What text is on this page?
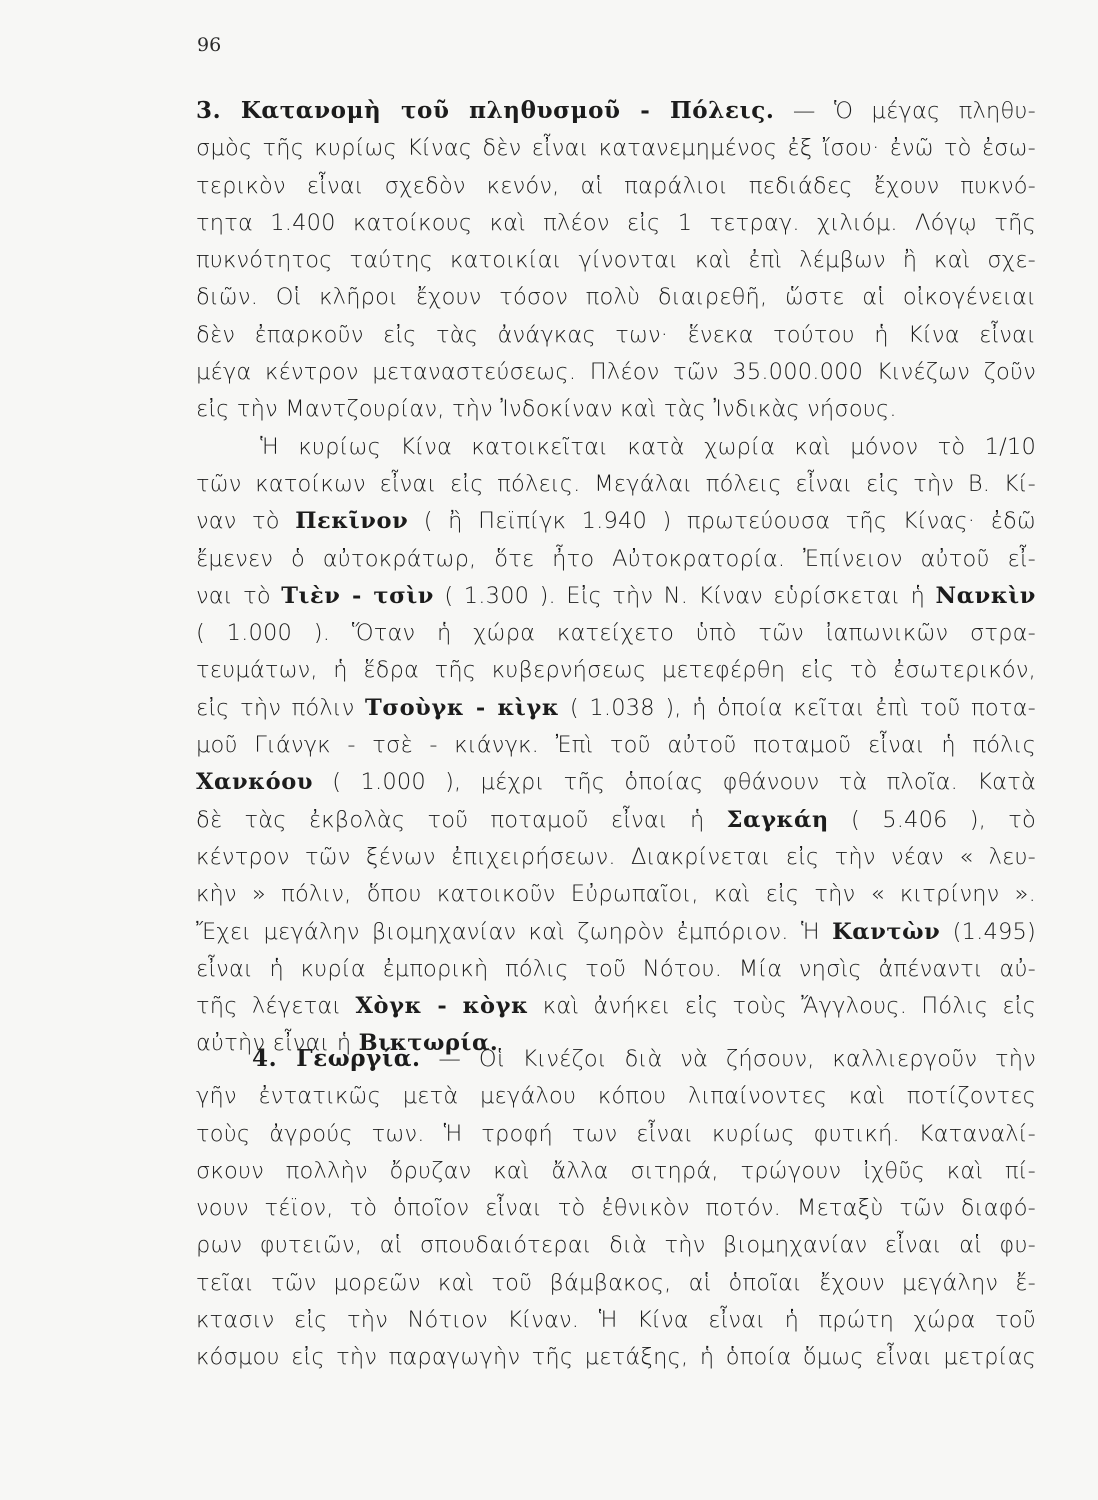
96
3. Κατανομὴ τοῦ πληθυσμοῦ - Πόλεις. — Ὁ μέγας πληθυ-
σμὸς τῆς κυρίως Κίνας δὲν εἶναι κατανεμημένος ἐξ ἴσου· ἐνῶ τὸ ἐσω-
τερικὸν εἶναι σχεδὸν κενόν, αἱ παράλιοι πεδιάδες ἔχουν πυκνό-
τητα 1.400 κατοίκους καὶ πλέον εἰς 1 τετραγ. χιλιόμ. Λόγῳ τῆς
πυκνότητος ταύτης κατοικίαι γίνονται καὶ ἐπὶ λέμβων ἢ καὶ σχε-
διῶν. Οἱ κλῆροι ἔχουν τόσον πολὺ διαιρεθῆ, ὥστε αἱ οἰκογένειαι
δὲν ἐπαρκοῦν εἰς τὰς ἀνάγκας των· ἕνεκα τούτου ἡ Κίνα εἶναι
μέγα κέντρον μεταναστεύσεως. Πλέον τῶν 35.000.000 Κινέζων ζοῦν
εἰς τὴν Μαντζουρίαν, τὴν Ἰνδοκίναν καὶ τὰς Ἰνδικὰς νήσους.
Ἡ κυρίως Κίνα κατοικεῖται κατὰ χωρία καὶ μόνον τὸ 1/10
τῶν κατοίκων εἶναι εἰς πόλεις. Μεγάλαι πόλεις εἶναι εἰς τὴν Β. Κί-
ναν τὸ Πεκῖνον ( ἢ Πεϊπίγκ 1.940 ) πρωτεύουσα τῆς Κίνας· ἐδῶ
ἔμενεν ὁ αὐτοκράτωρ, ὅτε ἦτο Αὐτοκρατορία. Ἐπίνειον αὐτοῦ εἶ-
ναι τὸ Τιὲν - τσὶν ( 1.300 ). Εἰς τὴν Ν. Κίναν εὑρίσκεται ἡ Νανκὶν
( 1.000 ). Ὅταν ἡ χώρα κατείχετο ὑπὸ τῶν ἰαπωνικῶν στρα-
τευμάτων, ἡ ἕδρα τῆς κυβερνήσεως μετεφέρθη εἰς τὸ ἐσωτερικόν,
εἰς τὴν πόλιν Τσοὺγκ - κὶγκ ( 1.038 ), ἡ ὁποία κεῖται ἐπὶ τοῦ ποτα-
μοῦ Γιάνγκ - τσὲ - κιάνγκ. Ἐπὶ τοῦ αὐτοῦ ποταμοῦ εἶναι ἡ πόλις
Χανκόου ( 1.000 ), μέχρι τῆς ὁποίας φθάνουν τὰ πλοῖα. Κατὰ
δὲ τὰς ἐκβολὰς τοῦ ποταμοῦ εἶναι ἡ Σαγκάη ( 5.406 ), τὸ
κέντρον τῶν ξένων ἐπιχειρήσεων. Διακρίνεται εἰς τὴν νέαν « λευ-
κὴν » πόλιν, ὅπου κατοικοῦν Εὐρωπαῖοι, καὶ εἰς τὴν « κιτρίνην ».
Ἔχει μεγάλην βιομηχανίαν καὶ ζωηρὸν ἐμπόριον. Ἡ Καντὼν (1.495)
εἶναι ἡ κυρία ἐμπορικὴ πόλις τοῦ Νότου. Μία νησὶς ἀπέναντι αὐ-
τῆς λέγεται Χὸγκ - κὸγκ καὶ ἀνήκει εἰς τοὺς Ἄγγλους. Πόλις εἰς
αὐτὴν εἶναι ἡ Βικτωρία.
4. Γεωργία. — Οἱ Κινέζοι διὰ νὰ ζήσουν, καλλιεργοῦν τὴν
γῆν ἐντατικῶς μετὰ μεγάλου κόπου λιπαίνοντες καὶ ποτίζοντες
τοὺς ἀγρούς των. Ἡ τροφή των εἶναι κυρίως φυτική. Καταναλί-
σκουν πολλὴν ὄρυζαν καὶ ἄλλα σιτηρά, τρώγουν ἰχθῦς καὶ πί-
νουν τέϊον, τὸ ὁποῖον εἶναι τὸ ἐθνικὸν ποτόν. Μεταξὺ τῶν διαφό-
ρων φυτειῶν, αἱ σπουδαιότεραι διὰ τὴν βιομηχανίαν εἶναι αἱ φυ-
τεῖαι τῶν μορεῶν καὶ τοῦ βάμβακος, αἱ ὁποῖαι ἔχουν μεγάλην ἔ-
κτασιν εἰς τὴν Νότιον Κίναν. Ἡ Κίνα εἶναι ἡ πρώτη χώρα τοῦ
κόσμου εἰς τὴν παραγωγὴν τῆς μετάξης, ἡ ὁποία ὅμως εἶναι μετρίας
